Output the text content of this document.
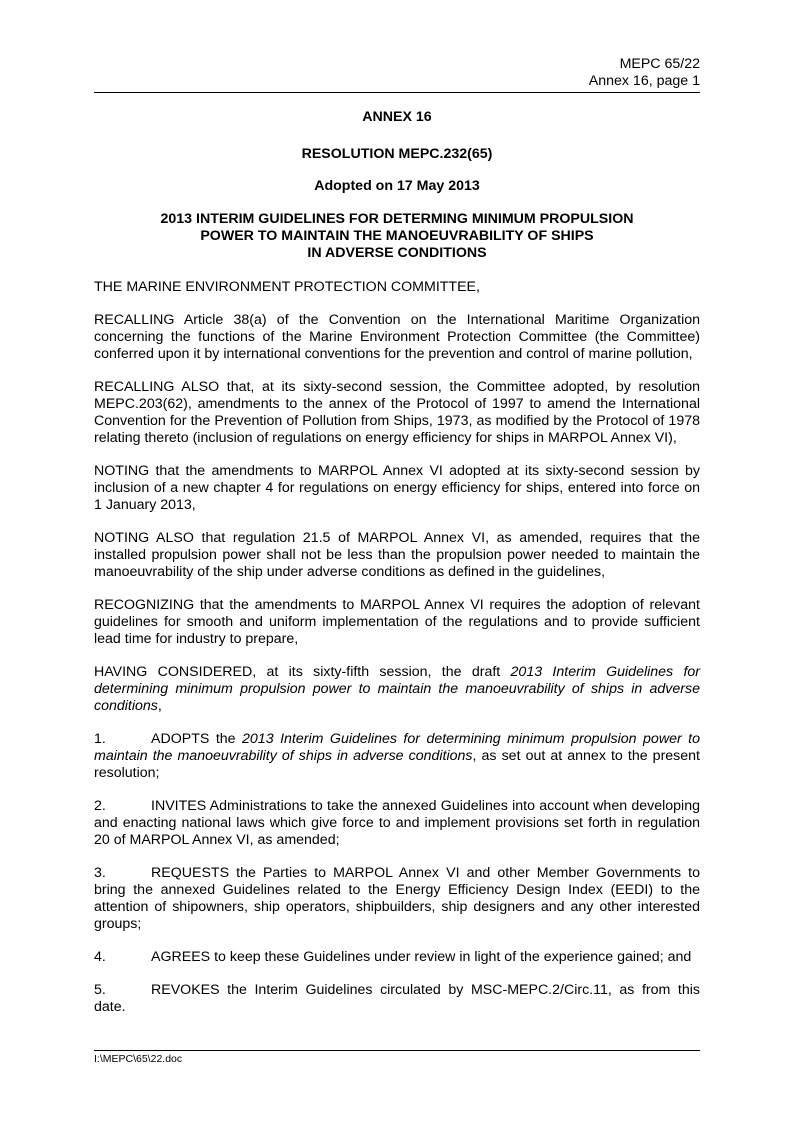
MEPC 65/22
Annex 16, page 1
ANNEX 16
RESOLUTION MEPC.232(65)
Adopted on 17 May 2013
2013 INTERIM GUIDELINES FOR DETERMING MINIMUM PROPULSION
POWER TO MAINTAIN THE MANOEUVRABILITY OF SHIPS
IN ADVERSE CONDITIONS

THE MARINE ENVIRONMENT PROTECTION COMMITTEE,

RECALLING Article 38(a) of the Convention on the International Maritime Organization concerning the functions of the Marine Environment Protection Committee (the Committee) conferred upon it by international conventions for the prevention and control of marine pollution,

RECALLING ALSO that, at its sixty-second session, the Committee adopted, by resolution MEPC.203(62), amendments to the annex of the Protocol of 1997 to amend the International Convention for the Prevention of Pollution from Ships, 1973, as modified by the Protocol of 1978 relating thereto (inclusion of regulations on energy efficiency for ships in MARPOL Annex VI),

NOTING that the amendments to MARPOL Annex VI adopted at its sixty-second session by inclusion of a new chapter 4 for regulations on energy efficiency for ships, entered into force on 1 January 2013,

NOTING ALSO that regulation 21.5 of MARPOL Annex VI, as amended, requires that the installed propulsion power shall not be less than the propulsion power needed to maintain the manoeuvrability of the ship under adverse conditions as defined in the guidelines,

RECOGNIZING that the amendments to MARPOL Annex VI requires the adoption of relevant guidelines for smooth and uniform implementation of the regulations and to provide sufficient lead time for industry to prepare,

HAVING CONSIDERED, at its sixty-fifth session, the draft 2013 Interim Guidelines for determining minimum propulsion power to maintain the manoeuvrability of ships in adverse conditions,

1.	ADOPTS the 2013 Interim Guidelines for determining minimum propulsion power to maintain the manoeuvrability of ships in adverse conditions, as set out at annex to the present resolution;

2.	INVITES Administrations to take the annexed Guidelines into account when developing and enacting national laws which give force to and implement provisions set forth in regulation 20 of MARPOL Annex VI, as amended;

3.	REQUESTS the Parties to MARPOL Annex VI and other Member Governments to bring the annexed Guidelines related to the Energy Efficiency Design Index (EEDI) to the attention of shipowners, ship operators, shipbuilders, ship designers and any other interested groups;

4.	AGREES to keep these Guidelines under review in light of the experience gained; and

5.	REVOKES the Interim Guidelines circulated by MSC-MEPC.2/Circ.11, as from this date.

I:\MEPC\65\22.doc
